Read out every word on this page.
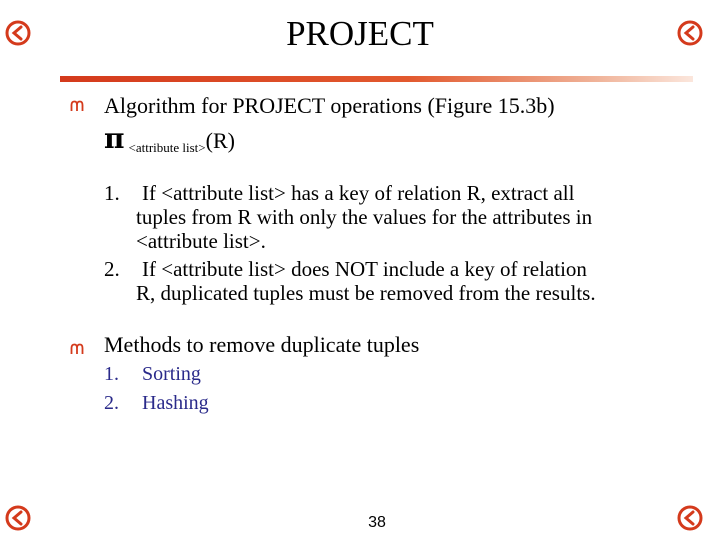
PROJECT
Algorithm for PROJECT operations (Figure 15.3b)
π $_{<attribute list>}$(R)
1. If <attribute list> has a key of relation R, extract all
tuples from R with only the values for the attributes in
<attribute list>.
2. If <attribute list> does NOT include a key of relation
R, duplicated tuples must be removed from the results.
Methods to remove duplicate tuples
1. Sorting
2. Hashing
38
